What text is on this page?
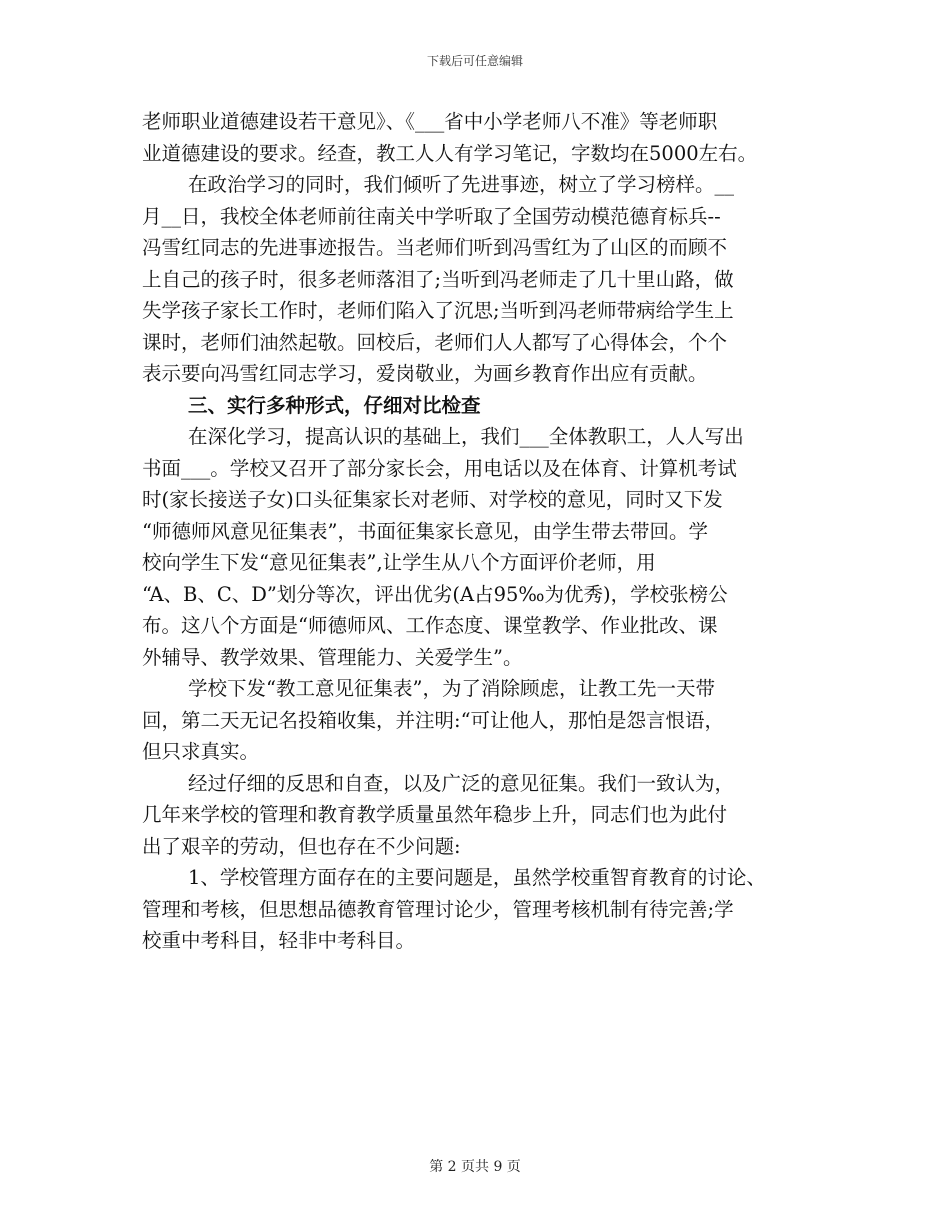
下载后可任意编辑
老师职业道德建设若干意见》、《___省中小学老师八不准》等老师职
业道德建设的要求。经查，教工人人有学习笔记，字数均在5000左右。
在政治学习的同时，我们倾听了先进事迹，树立了学习榜样。__
月__日，我校全体老师前往南关中学听取了全国劳动模范德育标兵--
冯雪红同志的先进事迹报告。当老师们听到冯雪红为了山区的而顾不
上自己的孩子时，很多老师落泪了;当听到冯老师走了几十里山路，做
失学孩子家长工作时，老师们陷入了沉思;当听到冯老师带病给学生上
课时，老师们油然起敬。回校后，老师们人人都写了心得体会，个个
表示要向冯雪红同志学习，爱岗敬业，为画乡教育作出应有贡献。
三、实行多种形式，仔细对比检查
在深化学习，提高认识的基础上，我们___全体教职工，人人写出
书面___。学校又召开了部分家长会，用电话以及在体育、计算机考试
时(家长接送子女)口头征集家长对老师、对学校的意见，同时又下发
“师德师风意见征集表”，书面征集家长意见，由学生带去带回。学
校向学生下发“意见征集表”,让学生从八个方面评价老师，用
“A、B、C、D”划分等次，评出优劣(A占95‰为优秀)，学校张榜公
布。这八个方面是“师德师风、工作态度、课堂教学、作业批改、课
外辅导、教学效果、管理能力、关爱学生”。
学校下发“教工意见征集表”，为了消除顾虑，让教工先一天带
回，第二天无记名投箱收集，并注明:“可让他人，那怕是怨言恨语，
但只求真实。
经过仔细的反思和自查，以及广泛的意见征集。我们一致认为，
几年来学校的管理和教育教学质量虽然年稳步上升，同志们也为此付
出了艰辛的劳动，但也存在不少问题:
1、学校管理方面存在的主要问题是，虽然学校重智育教育的讨论、
管理和考核，但思想品德教育管理讨论少，管理考核机制有待完善;学
校重中考科目，轻非中考科目。
第 2 页共 9 页
